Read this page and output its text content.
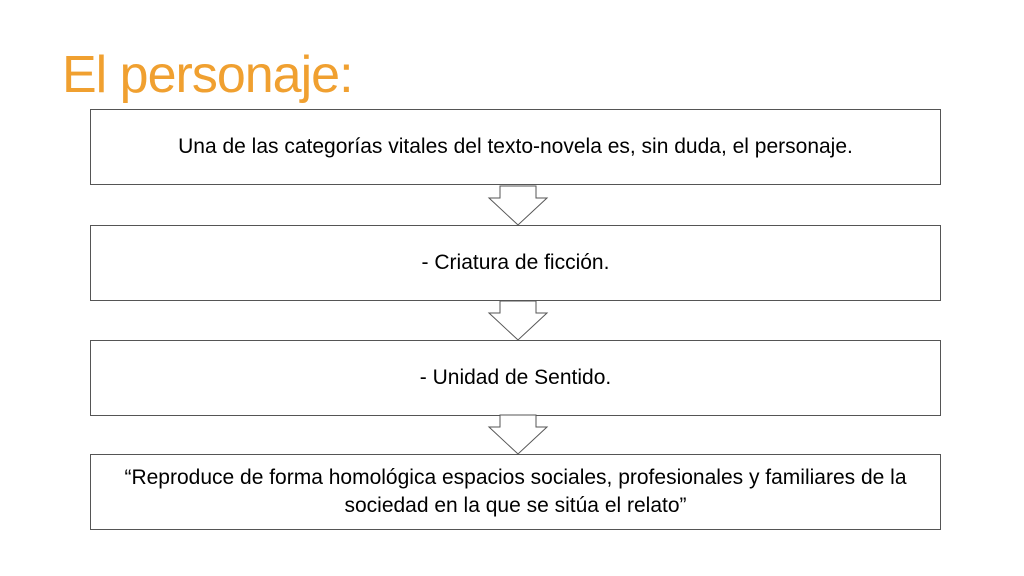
El personaje:
Una de las categorías vitales del texto-novela es, sin duda, el personaje.
- Criatura de ficción.
- Unidad de Sentido.
“Reproduce de forma homológica espacios sociales, profesionales y familiares de la sociedad en la que se sitúa el relato”
